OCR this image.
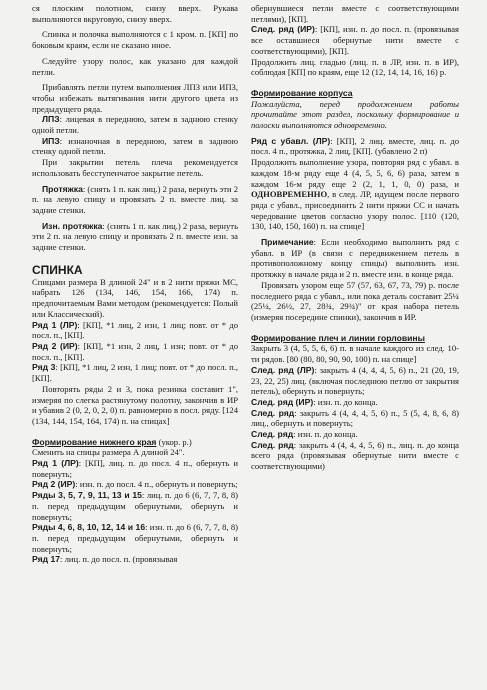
ся плоским полотном, снизу вверх. Рукава выполняются вкруговую, снизу вверх.

Спинка и полочка выполняются с 1 кром. п. [КП] по боковым краям, если не сказано иное.

Следуйте узору полос, как указано для каждой петли.

Прибавлять петли путем выполнения ЛПЗ или ИПЗ, чтобы избежать вытягивания нити другого цвета из предыдущего ряда.

ЛПЗ: лицевая в переднюю, затем в заднюю стенку одной петли.

ИПЗ: изнаночная в переднюю, затем в заднюю стенку одной петли.

При закрытии петель плеча рекомендуется использовать бесступенчатое закрытие петель.

Протяжка: (снять 1 п. как лиц.) 2 раза, вернуть эти 2 п. на левую спицу и провязать 2 п. вместе лиц. за задние стенки.

Изн. протяжка: (снять 1 п. как лиц.) 2 раза, вернуть эти 2 п. на левую спицу и провязать 2 п. вместе изн. за задние стенки.

СПИНКА

Спицами размера В длиной 24" и в 2 нити пряжи МС, набрать 126 (134, 146, 154, 166, 174) п. предпочитаемым Вами методом (рекомендуется: Полый или Классический).

Ряд 1 (ЛР): [КП], *1 лиц, 2 изн, 1 лиц; повт. от * до посл. п., [КП].

Ряд 2 (ИР): [КП], *1 изн, 2 лиц, 1 изн; повт. от * до посл. п., [КП].

Ряд 3: [КП], *1 лиц, 2 изн, 1 лиц; повт. от * до посл. п., [КП].

Повторять ряды 2 и 3, пока резинка составит 1", измеряя по слегка растянутому полотну, закончив в ИР и убавив 2 (0, 2, 0, 2, 0) п. равномерно в посл. ряду. [124 (134, 144, 154, 164, 174) п. на спицах]

Формирование нижнего края (укор. р.)

Сменить на спицы размера А длиной 24".

Ряд 1 (ЛР): [КП], лиц. п. до посл. 4 п., обернуть и повернуть;

Ряд 2 (ИР): изн. п. до посл. 4 п., обернуть и повернуть;

Ряды 3, 5, 7, 9, 11, 13 и 15: лиц. п. до 6 (6, 7, 7, 8, 8) п. перед предыдущим обернутыми, обернуть и повернуть;

Ряды 4, 6, 8, 10, 12, 14 и 16: изн. п. до 6 (6, 7, 7, 8, 8) п. перед предыдущим обернутыми, обернуть и повернуть;

Ряд 17: лиц. п. до посл. п. (провязывая

обернувшиеся петли вместе с соответствующими петлями), [КП].

След. ряд (ИР): [КП], изн. п. до посл. п. (провязывая все оставшиеся обернутые нити вместе с соответствующими), [КП].

Продолжить лиц. гладью (лиц. п. в ЛР, изн. п. в ИР), соблюдая [КП] по краям, еще 12 (12, 14, 14, 16, 16) р.

Формирование корпуса

Пожалуйста, перед продолжением работы прочитайте этот раздел, поскольку формирование и полоски выполняются одновременно.

Ряд с убавл. (ЛР): [КП], 2 лиц. вместе, лиц. п. до посл. 4 п., протяжка, 2 лиц, [КП]. (убавлено 2 п)

Продолжить выполнение узора, повторяя ряд с убавл. в каждом 18-м ряду еще 4 (4, 5, 5, 6, 6) раза, затем в каждом 16-м ряду еще 2 (2, 1, 1, 0, 0) раза, и ОДНОВРЕМЕННО, в след. ЛР, идущем после первого ряда с убавл., присоединить 2 нити пряжи СС и начать чередование цветов согласно узору полос. [110 (120, 130, 140, 150, 160) п. на спице]

Примечание: Если необходимо выполнить ряд с убавл. в ИР (в связи с передвижением петель в противоположному концу спицы) выполнить изн. протяжку в начале ряда и 2 п. вместе изн. в конце ряда.

Провязать узором еще 57 (57, 63, 67, 73, 79) р. после последнего ряда с убавл., или пока деталь составит 25¼ (25¼, 26½, 27, 28¾, 29¾)" от края набора петель (измеряя посередине спинки), закончив в ИР.

Формирование плеч и линии горловины

Закрыть 3 (4, 5, 5, 6, 6) п. в начале каждого из след. 10-ти рядов. [80 (80, 80, 90, 90, 100) п. на спице]

След. ряд (ЛР): закрыть 4 (4, 4, 4, 5, 6) п., 21 (20, 19, 23, 22, 25) лиц. (включая последнюю петлю от закрытия петель), обернуть и повернуть;

След. ряд (ИР): изн. п. до конца.

След. ряд: закрыть 4 (4, 4, 4, 5, 6) п., 5 (5, 4, 8, 6, 8) лиц., обернуть и повернуть;

След. ряд: изн. п. до конца.

След. ряд: закрыть 4 (4, 4, 4, 5, 6) п., лиц. п. до конца всего ряда (провязывая обернутые нити вместе с соответствующими)
